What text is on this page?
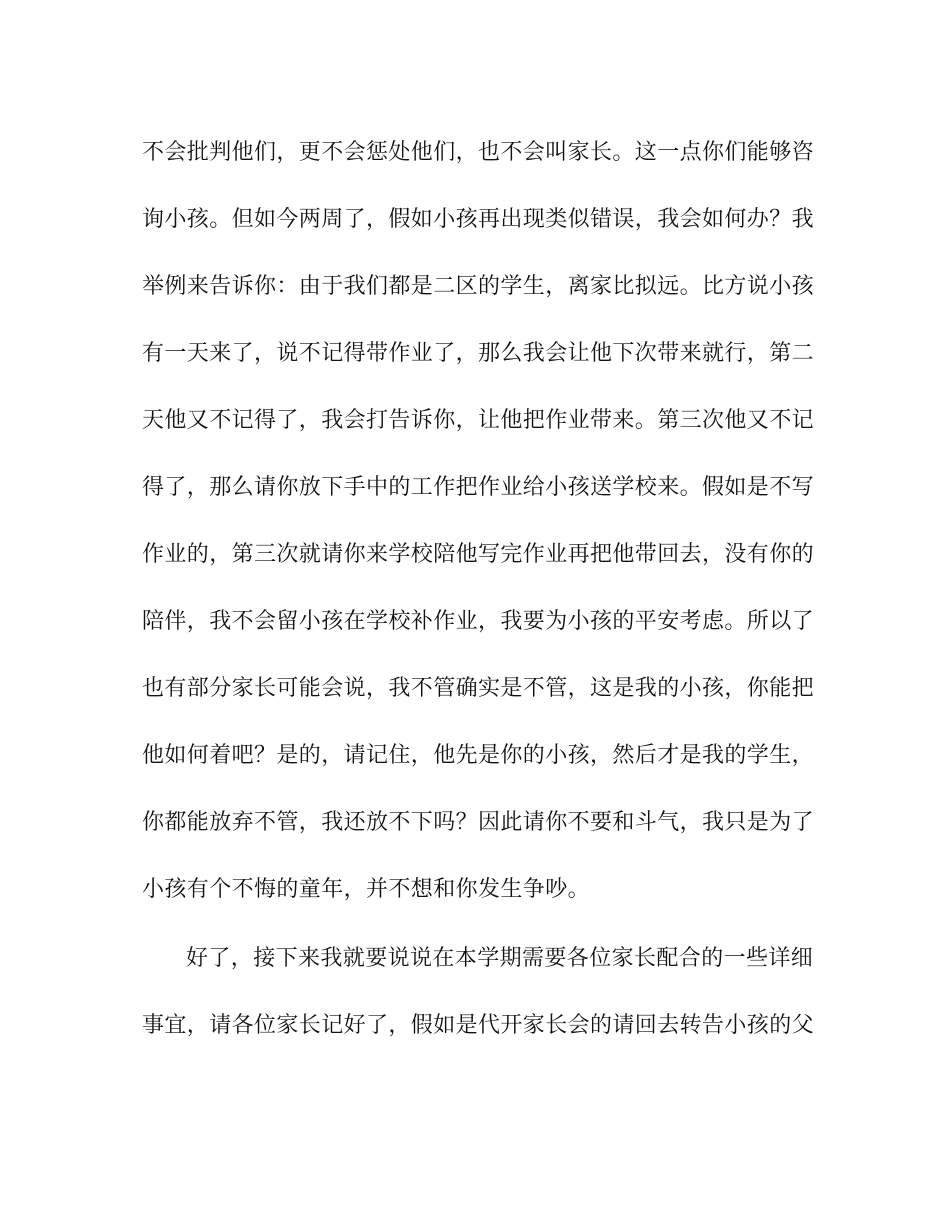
不会批判他们，更不会惩处他们，也不会叫家长。这一点你们能够咨
询小孩。但如今两周了，假如小孩再出现类似错误，我会如何办？我
举例来告诉你：由于我们都是二区的学生，离家比拟远。比方说小孩
有一天来了，说不记得带作业了，那么我会让他下次带来就行，第二
天他又不记得了，我会打告诉你，让他把作业带来。第三次他又不记
得了，那么请你放下手中的工作把作业给小孩送学校来。假如是不写
作业的，第三次就请你来学校陪他写完作业再把他带回去，没有你的
陪伴，我不会留小孩在学校补作业，我要为小孩的平安考虑。所以了
也有部分家长可能会说，我不管确实是不管，这是我的小孩，你能把
他如何着吧？是的，请记住，他先是你的小孩，然后才是我的学生，
你都能放弃不管，我还放不下吗？因此请你不要和斗气，我只是为了
小孩有个不悔的童年，并不想和你发生争吵。
好了，接下来我就要说说在本学期需要各位家长配合的一些详细
事宜，请各位家长记好了，假如是代开家长会的请回去转告小孩的父
